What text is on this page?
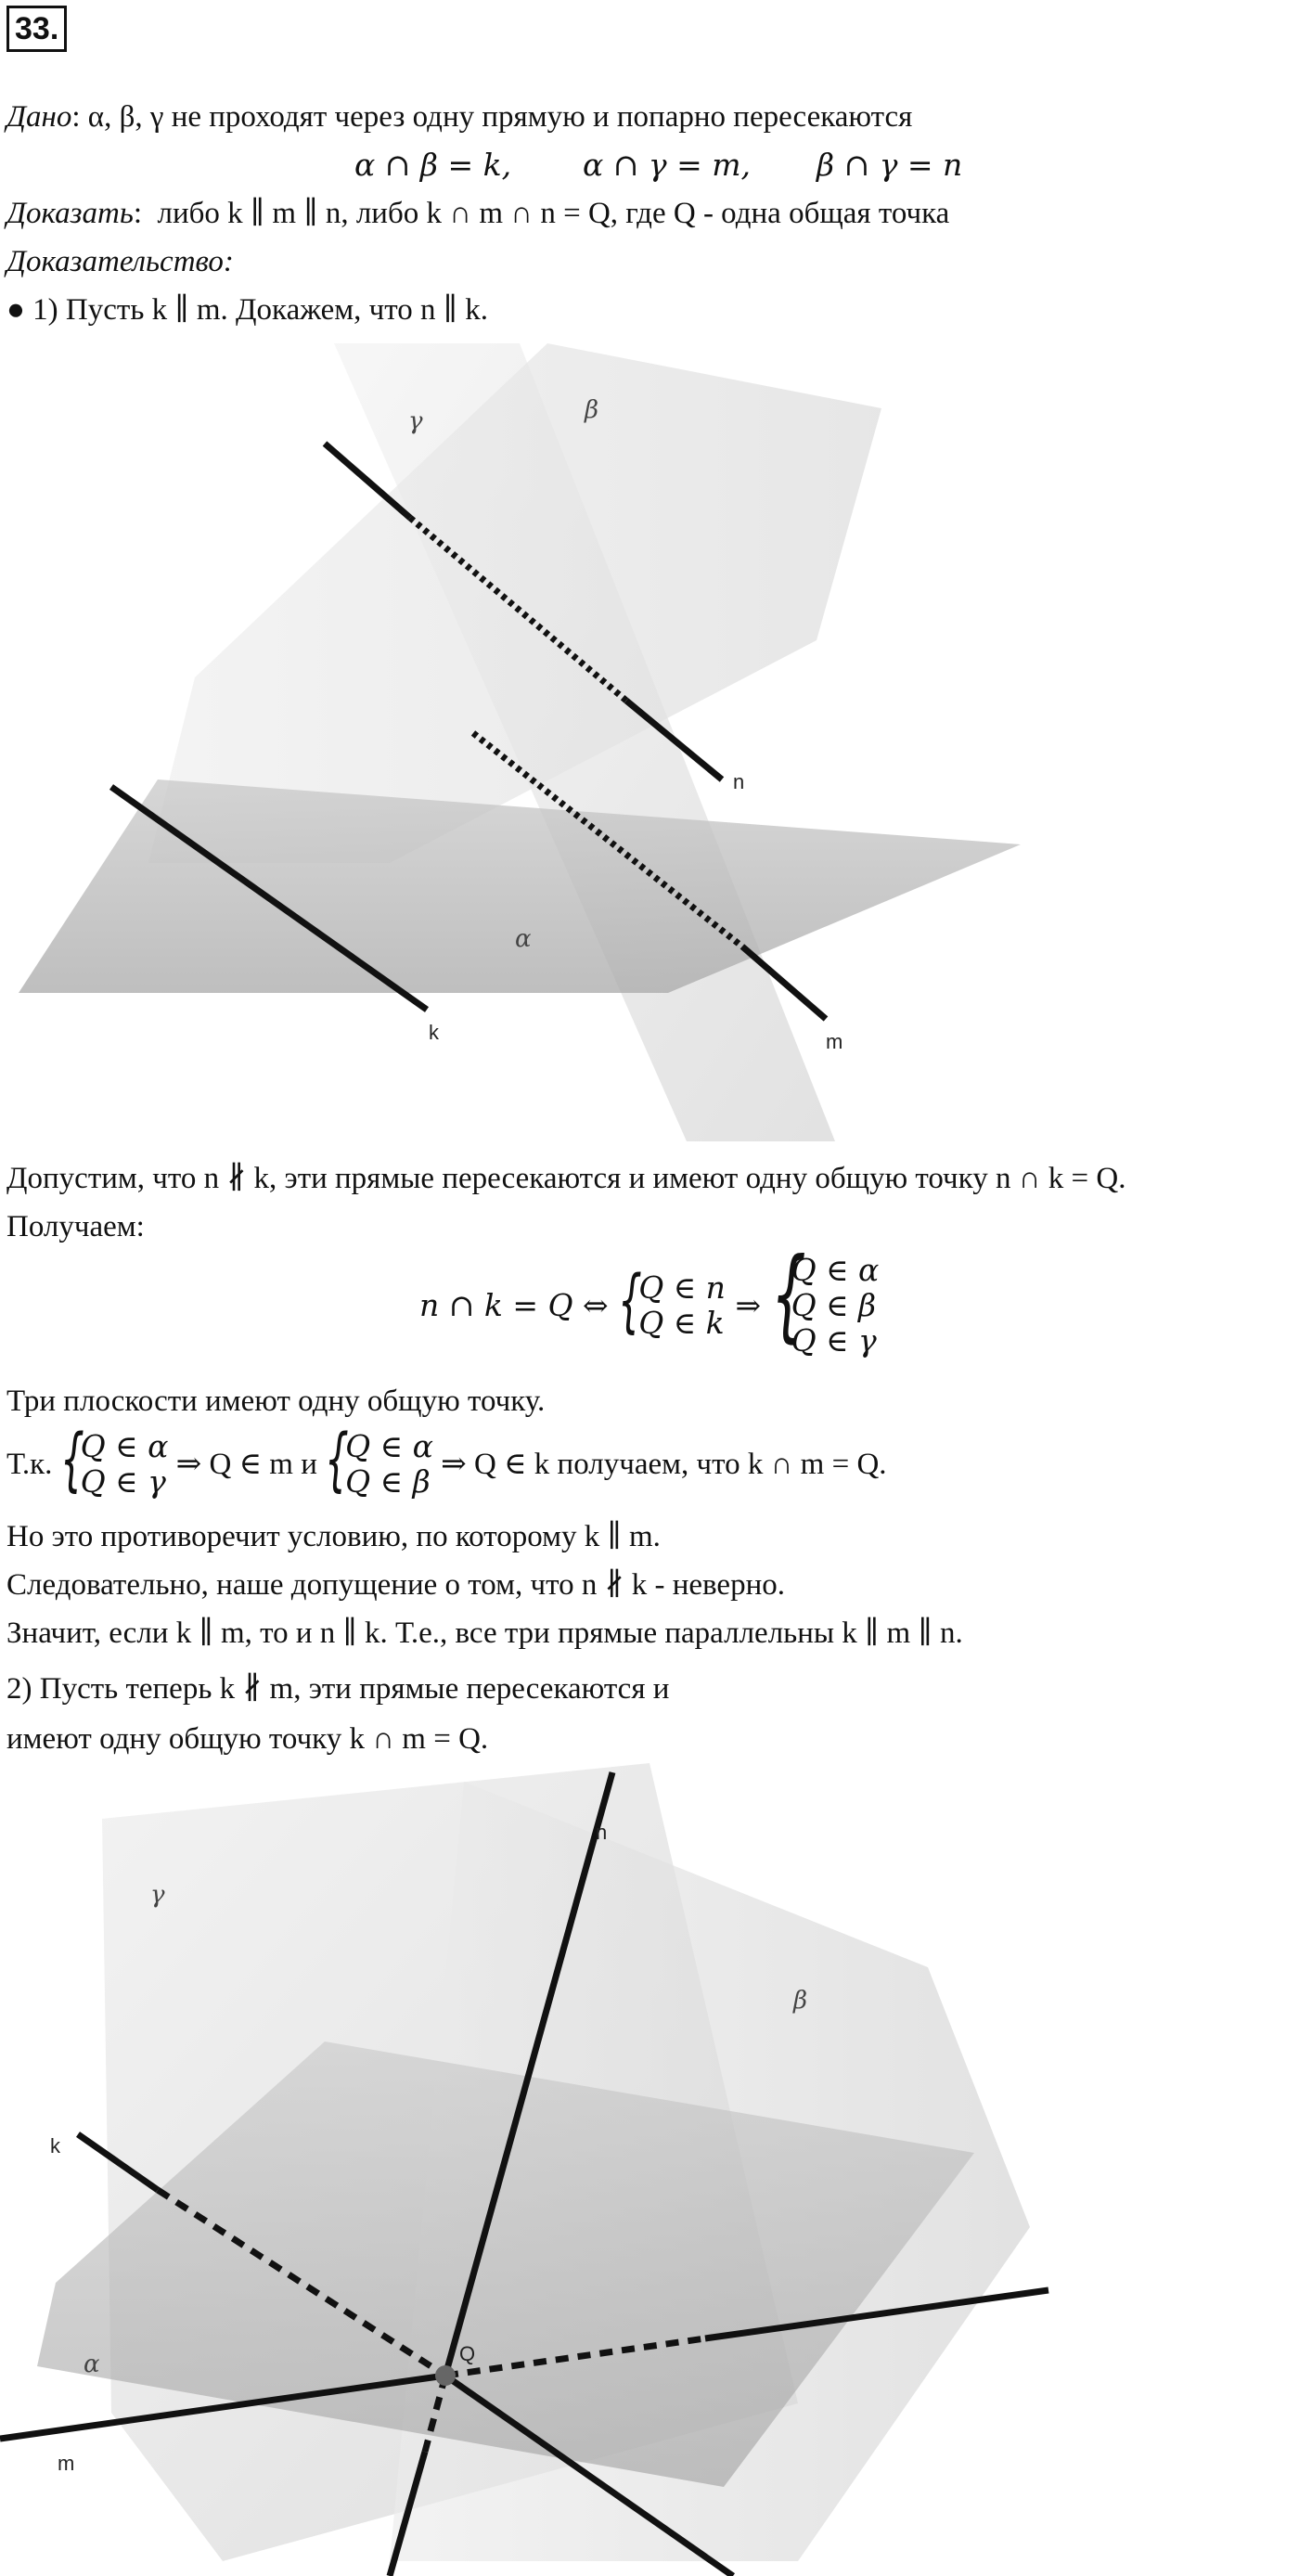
33.
Дано: α, β, γ не проходят через одну прямую и попарно пересекаются
α ∩ β = k, α ∩ γ = m, β ∩ γ = n
Доказать:  либо k ∥ m ∥ n, либо k ∩ m ∩ n = Q, где Q - одна общая точка
Доказательство:
● 1) Пусть k ∥ m. Докажем, что n ∥ k.
γ	β
α
n
k	m
Допустим, что n ∦ k, эти прямые пересекаются и имеют одну общую точку n ∩ k = Q.
Получаем:
n ∩ k = Q ⇔ {
Q ∈ n
Q ∈ k ⇒ {
Q ∈ α
Q ∈ β
Q ∈ γ
Три плоскости имеют одну общую точку.
Т.к. {
Q ∈ α
Q ∈ γ ⇒ Q ∈ m и {
Q ∈ α
Q ∈ β ⇒ Q ∈ k получаем, что k ∩ m = Q.
Но это противоречит условию, по которому k ∥ m.
Следовательно, наше допущение о том, что n ∦ k - неверно.
Значит, если k ∥ m, то и n ∥ k. Т.е., все три прямые параллельны k ∥ m ∥ n.
2) Пусть теперь k ∦ m, эти прямые пересекаются и
имеют одну общую точку k ∩ m = Q.
γ
β
α
n
k
m
Q
